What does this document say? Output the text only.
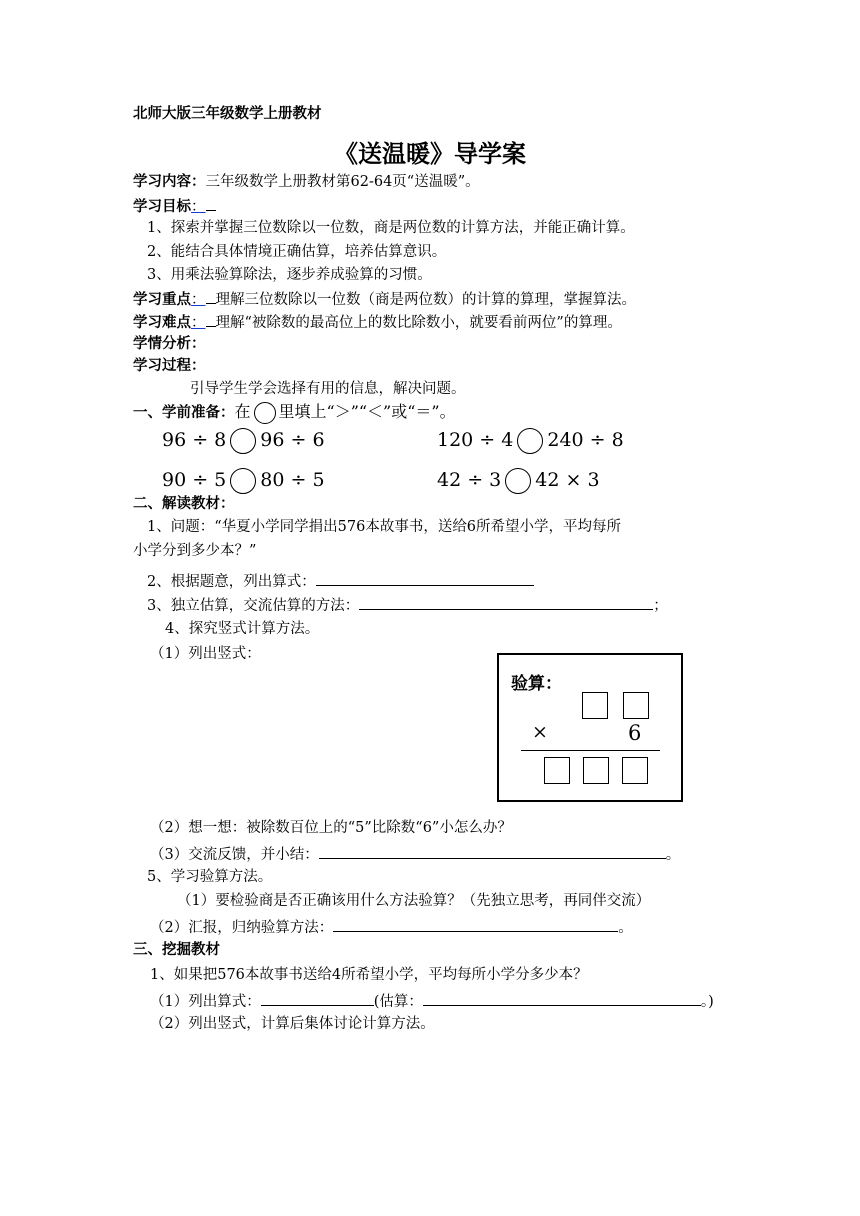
北师大版三年级数学上册教材
《送温暖》导学案
学习内容：三年级数学上册教材第62-64页“送温暖”。
学习目标：
1、探索并掌握三位数除以一位数，商是两位数的计算方法，并能正确计算。
2、能结合具体情境正确估算，培养估算意识。
3、用乘法验算除法，逐步养成验算的习惯。
学习重点： 理解三位数除以一位数（商是两位数）的计算的算理，掌握算法。
学习难点： 理解“被除数的最高位上的数比除数小，就要看前两位”的算理。
学情分析：
学习过程：
引导学生学会选择有用的信息，解决问题。
一、学前准备：在 里填上“＞”“＜”或“＝”。
96 ÷ 8 96 ÷ 6	120 ÷ 4 240 ÷ 8
90 ÷ 5 80 ÷ 5	42 ÷ 3 42 × 3
二、解读教材：
1、问题：“华夏小学同学捐出576本故事书，送给6所希望小学，平均每所
小学分到多少本？”
2、根据题意，列出算式：
3、独立估算，交流估算的方法：	；
4、探究竖式计算方法。
（1）列出竖式：
验算：
×	6
（2）想一想：被除数百位上的“5”比除数“6”小怎么办？
（3）交流反馈，并小结：	。
5、学习验算方法。
（1）要检验商是否正确该用什么方法验算？（先独立思考，再同伴交流）
（2）汇报，归纳验算方法：	。
三、挖掘教材
1、如果把576本故事书送给4所希望小学，平均每所小学分多少本？
（1）列出算式：	(估算：	。)
（2）列出竖式，计算后集体讨论计算方法。
